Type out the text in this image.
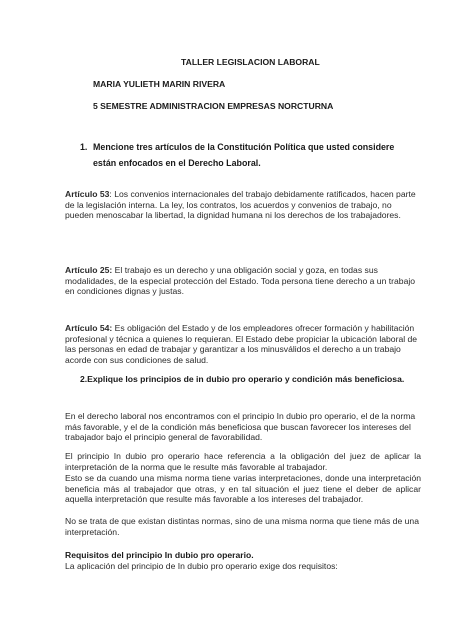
TALLER LEGISLACION LABORAL

MARIA YULIETH MARIN RIVERA

5 SEMESTRE ADMINISTRACION EMPRESAS NORCTURNA

1. Mencione tres artículos de la Constitución Política que usted considere están enfocados en el Derecho Laboral.

Artículo 53: Los convenios internacionales del trabajo debidamente ratificados, hacen parte de la legislación interna. La ley, los contratos, los acuerdos y convenios de trabajo, no pueden menoscabar la libertad, la dignidad humana ni los derechos de los trabajadores.

Artículo 25: El trabajo es un derecho y una obligación social y goza, en todas sus modalidades, de la especial protección del Estado. Toda persona tiene derecho a un trabajo en condiciones dignas y justas.

Artículo 54: Es obligación del Estado y de los empleadores ofrecer formación y habilitación profesional y técnica a quienes lo requieran. El Estado debe propiciar la ubicación laboral de las personas en edad de trabajar y garantizar a los minusválidos el derecho a un trabajo acorde con sus condiciones de salud.

2.Explique los principios de in dubio pro operario y condición más beneficiosa.

En el derecho laboral nos encontramos con el principio In dubio pro operario, el de la norma más favorable, y el de la condición más beneficiosa que buscan favorecer los intereses del trabajador bajo el principio general de favorabilidad.

El principio In dubio pro operario hace referencia a la obligación del juez de aplicar la interpretación de la norma que le resulte más favorable al trabajador.

Esto se da cuando una misma norma tiene varias interpretaciones, donde una interpretación beneficia más al trabajador que otras, y en tal situación el juez tiene el deber de aplicar aquella interpretación que resulte más favorable a los intereses del trabajador.

No se trata de que existan distintas normas, sino de una misma norma que tiene más de una interpretación.

Requisitos del principio In dubio pro operario.

La aplicación del principio de In dubio pro operario exige dos requisitos:
